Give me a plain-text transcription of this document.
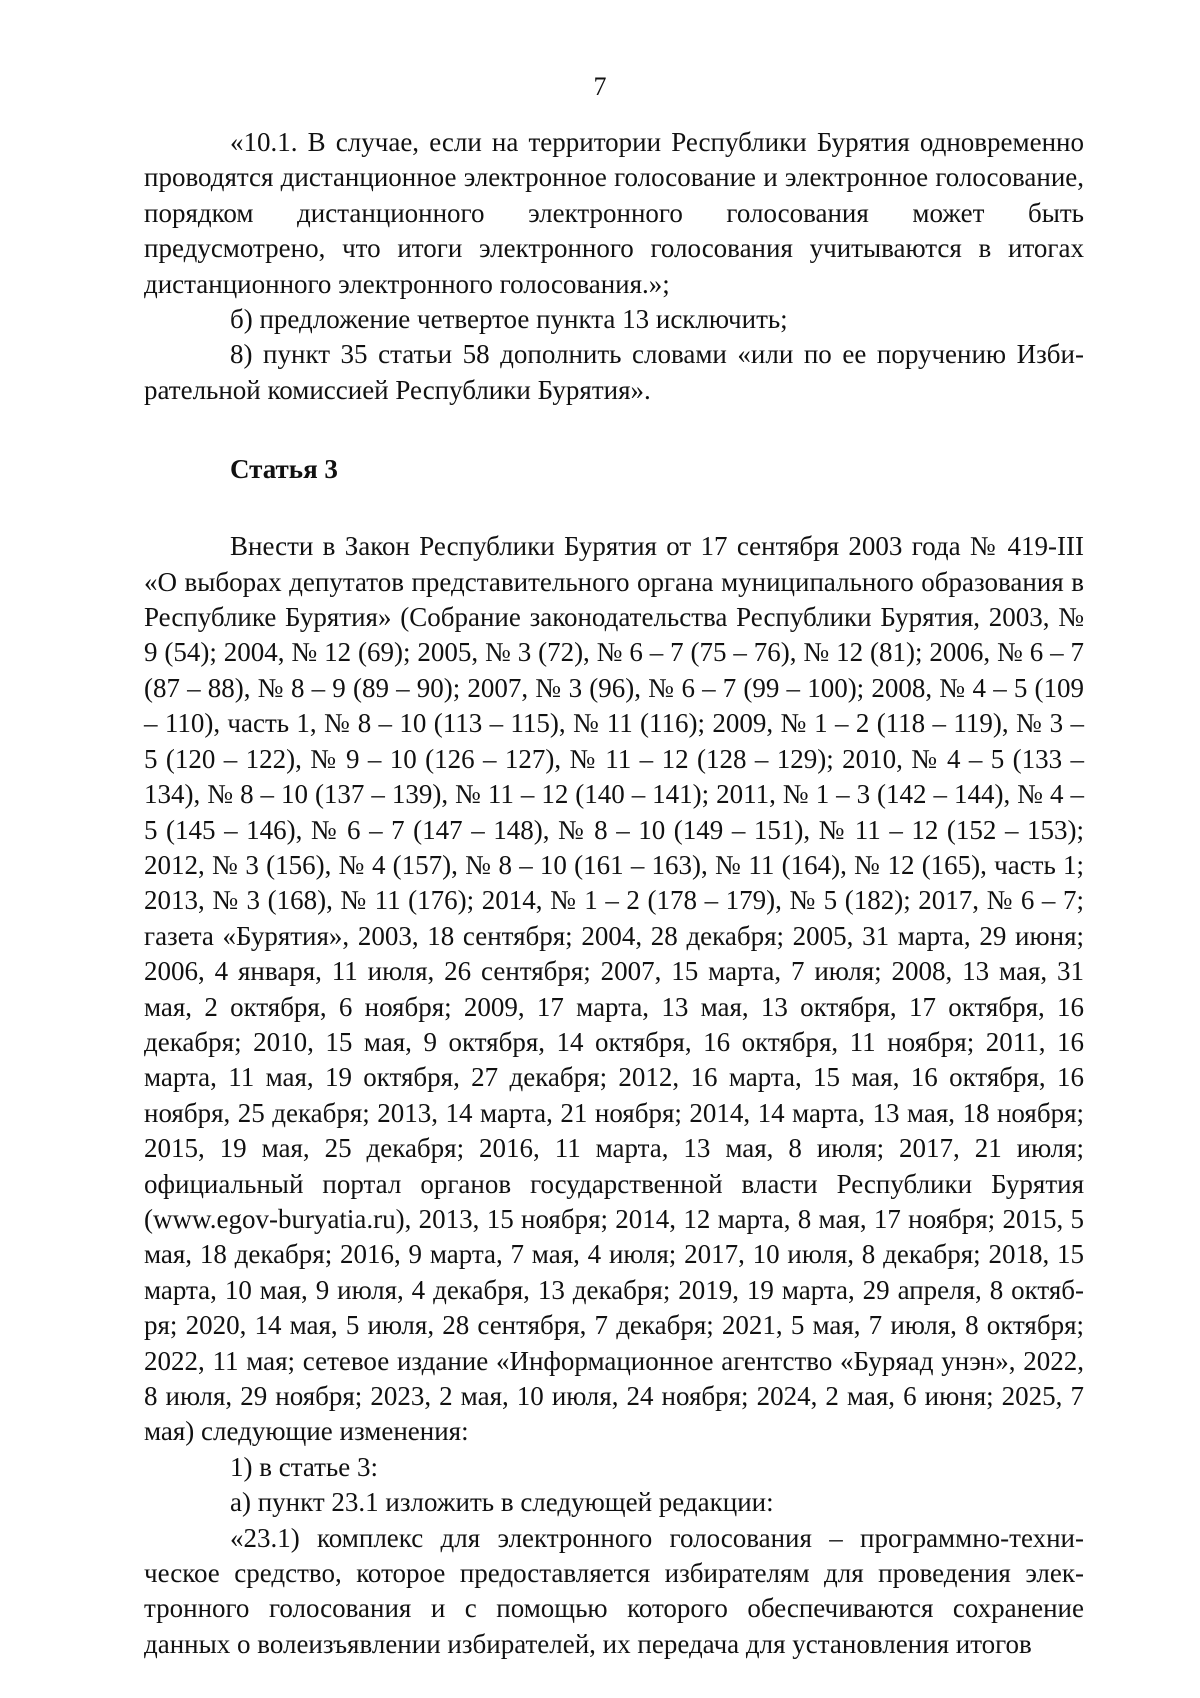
7

«10.1. В случае, если на территории Республики Бурятия одновременно проводятся дистанционное электронное голосование и электронное голосование, порядком дистанционного электронного голосования может быть предусмотрено, что итоги электронного голосования учитываются в итогах дистанционного электронного голосования.»;

б) предложение четвертое пункта 13 исключить;

8) пункт 35 статьи 58 дополнить словами «или по ее поручению Избирательной комиссией Республики Бурятия».

Статья 3

Внести в Закон Республики Бурятия от 17 сентября 2003 года № 419-III «О выборах депутатов представительного органа муниципального образования в Республике Бурятия» (Собрание законодательства Республики Бурятия, 2003, № 9 (54); 2004, № 12 (69); 2005, № 3 (72), № 6 – 7 (75 – 76), № 12 (81); 2006, № 6 – 7 (87 – 88), № 8 – 9 (89 – 90); 2007, № 3 (96), № 6 – 7 (99 – 100); 2008, № 4 – 5 (109 – 110), часть 1, № 8 – 10 (113 – 115), № 11 (116); 2009, № 1 – 2 (118 – 119), № 3 – 5 (120 – 122), № 9 – 10 (126 – 127), № 11 – 12 (128 – 129); 2010, № 4 – 5 (133 – 134), № 8 – 10 (137 – 139), № 11 – 12 (140 – 141); 2011, № 1 – 3 (142 – 144), № 4 – 5 (145 – 146), № 6 – 7 (147 – 148), № 8 – 10 (149 – 151), № 11 – 12 (152 – 153); 2012, № 3 (156), № 4 (157), № 8 – 10 (161 – 163), № 11 (164), № 12 (165), часть 1; 2013, № 3 (168), № 11 (176); 2014, № 1 – 2 (178 – 179), № 5 (182); 2017, № 6 – 7; газета «Бурятия», 2003, 18 сентября; 2004, 28 декабря; 2005, 31 марта, 29 июня; 2006, 4 января, 11 июля, 26 сентября; 2007, 15 марта, 7 июля; 2008, 13 мая, 31 мая, 2 октября, 6 ноября; 2009, 17 марта, 13 мая, 13 октября, 17 октября, 16 декабря; 2010, 15 мая, 9 октября, 14 октября, 16 октября, 11 ноября; 2011, 16 марта, 11 мая, 19 октября, 27 декабря; 2012, 16 марта, 15 мая, 16 октября, 16 ноября, 25 декабря; 2013, 14 марта, 21 ноября; 2014, 14 марта, 13 мая, 18 ноября; 2015, 19 мая, 25 декабря; 2016, 11 марта, 13 мая, 8 июля; 2017, 21 июля; официальный портал органов государственной власти Республики Бурятия (www.egov-buryatia.ru), 2013, 15 ноября; 2014, 12 марта, 8 мая, 17 ноября; 2015, 5 мая, 18 декабря; 2016, 9 марта, 7 мая, 4 июля; 2017, 10 июля, 8 декабря; 2018, 15 марта, 10 мая, 9 июля, 4 декабря, 13 декабря; 2019, 19 марта, 29 апреля, 8 октября; 2020, 14 мая, 5 июля, 28 сентября, 7 декабря; 2021, 5 мая, 7 июля, 8 октября; 2022, 11 мая; сетевое издание «Информационное агентство «Буряад унэн», 2022, 8 июля, 29 ноября; 2023, 2 мая, 10 июля, 24 ноября; 2024, 2 мая, 6 июня; 2025, 7 мая) следующие изменения:

1) в статье 3:

а) пункт 23.1 изложить в следующей редакции:

«23.1) комплекс для электронного голосования – программно-техническое средство, которое предоставляется избирателям для проведения электронного голосования и с помощью которого обеспечиваются сохранение данных о волеизъявлении избирателей, их передача для установления итогов
